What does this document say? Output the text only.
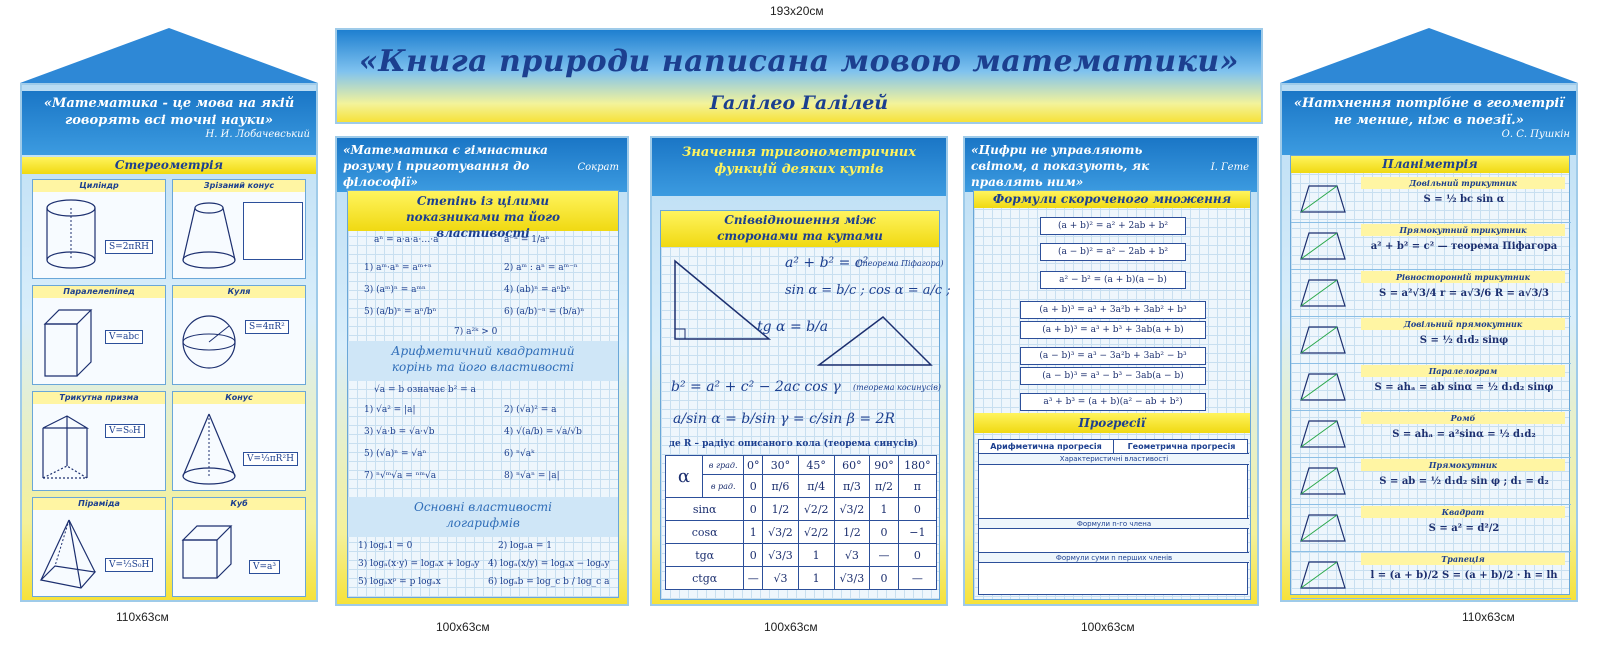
193x20см
110x63см
100x63см	100x63см	100x63см
110x63см
«Книга природи написана мовою математики»
Галілео Галілей
«Математика - це мова на якій говорять всі точні науки»
Н. И. Лобачевський
Стереометрія
Циліндр
S=2πRH
Зрізаний конус
Паралелепіпед
V=abc
Куля
S=4πR²
Трикутна призма
V=S₀H
Конус
V=⅓πR²H
Піраміда
V=⅓S₀H
Куб
V=a³
«Математика є гімнастика розуму і приготування до філософії»
Сократ
Степінь із цілими показниками та його властивості
aⁿ = a·a·a·…·a	a⁻ⁿ = 1/aⁿ
1) aᵐ·aⁿ = aᵐ⁺ⁿ	2) aᵐ : aⁿ = aᵐ⁻ⁿ
3) (aᵐ)ⁿ = aᵐⁿ	4) (ab)ⁿ = aⁿbⁿ
5) (a/b)ⁿ = aⁿ/bⁿ	6) (a/b)⁻ⁿ = (b/a)ⁿ
7) a²ᵏ > 0
Арифметичний квадратний корінь та його властивості
√a = b означає b² = a
1) √a² = |a|	2) (√a)² = a
3) √a·b = √a·√b	4) √(a/b) = √a/√b
5) (√a)ⁿ = √aⁿ	6) ⁿ√aᵏ
7) ⁿ√ᵐ√a = ⁿᵐ√a	8) ⁿ√aⁿ = |a|
Основні властивості логарифмів
1) logₐ1 = 0	2) logₐa = 1
3) logₐ(x·y) = logₐx + logₐy 4) logₐ(x/y) = logₐx − logₐy
5) logₐxᵖ = p logₐx	6) logₐb = log_c b / log_c a
Значення тригонометричних функцій деяких кутів
Співвідношення між сторонами та кутами
a² + b² = c²
(теорема Піфагора)
sin α = b/c ; cos α = a/c ;
tg α = b/a
b² = a² + c² − 2ac cos γ (теорема косинусів)
a/sin α = b/sin γ = c/sin β = 2R
де R – радіус описаного кола (теорема синусів)
α	в град.	0°	30°	45°	60°	90°	180°
	в рад.	0	π/6	π/4	π/3	π/2	π
sinα		0	1/2	√2/2	√3/2	1	0
cosα		1	√3/2	√2/2	1/2	0	−1
tgα		0	√3/3	1	√3	—	0
ctgα		—	√3	1	√3/3	0	—
«Цифри не управляють світом, а показують, як правлять ним»
І. Гете
Формули скороченого множення
(a + b)² = a² + 2ab + b²
(a − b)² = a² − 2ab + b²
a² − b² = (a + b)(a − b)
(a + b)³ = a³ + 3a²b + 3ab² + b³
(a + b)³ = a³ + b³ + 3ab(a + b)
(a − b)³ = a³ − 3a²b + 3ab² − b³
(a − b)³ = a³ − b³ − 3ab(a − b)
a³ + b³ = (a + b)(a² − ab + b²)
Прогресії
Арифметична прогресія	Геометрична прогресія
Характеристичні властивості
Формули n-го члена
Формули суми n перших членів
«Натхнення потрібне в геометрії не менше, ніж в поезії.»
О. С. Пушкін
Планіметрія
Довільний трикутник
S = ½ bc sin α
Прямокутний трикутник
a² + b² = c² — теорема Піфагора
Рівносторонній трикутник
S = a²√3/4 r = a√3/6 R = a√3/3
Довільний прямокутник
S = ½ d₁d₂ sinφ
Паралелограм
S = ahₐ = ab sinα = ½ d₁d₂ sinφ
Ромб
S = ahₐ = a²sinα = ½ d₁d₂
Прямокутник
S = ab = ½ d₁d₂ sin φ ; d₁ = d₂
Квадрат
S = a² = d²/2
Трапеція
l = (a + b)/2 S = (a + b)/2 · h = lh
